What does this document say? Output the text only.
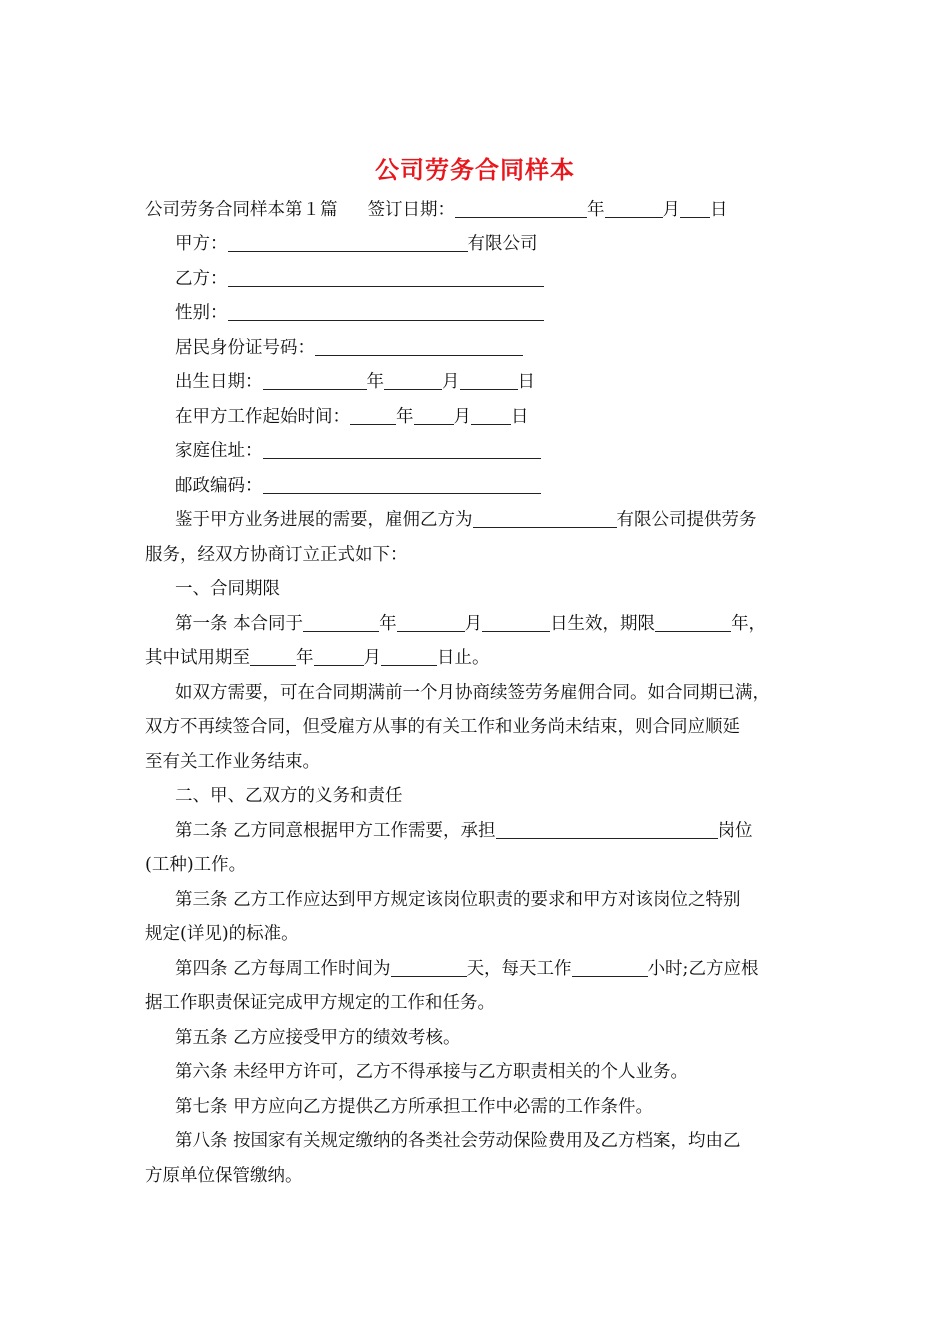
公司劳务合同样本
公司劳务合同样本第１篇 签订日期：	年	月 日
甲方：	有限公司
乙方：
性别：
居民身份证号码：
出生日期：	年	月	日
在甲方工作起始时间：	年 月 日
家庭住址：
邮政编码：
鉴于甲方业务进展的需要，雇佣乙方为	有限公司提供劳务
服务，经双方协商订立正式如下：
一、合同期限
第一条 本合同于	年	月	日生效，期限	年，
其中试用期至	年	月	日止。
如双方需要，可在合同期满前一个月协商续签劳务雇佣合同。如合同期已满，
双方不再续签合同，但受雇方从事的有关工作和业务尚未结束，则合同应顺延
至有关工作业务结束。
二、甲、乙双方的义务和责任
第二条 乙方同意根据甲方工作需要，承担	岗位
(工种)工作。
第三条 乙方工作应达到甲方规定该岗位职责的要求和甲方对该岗位之特别
规定(详见)的标准。
第四条 乙方每周工作时间为	天，每天工作	小时;乙方应根
据工作职责保证完成甲方规定的工作和任务。
第五条 乙方应接受甲方的绩效考核。
第六条 未经甲方许可，乙方不得承接与乙方职责相关的个人业务。
第七条 甲方应向乙方提供乙方所承担工作中必需的工作条件。
第八条 按国家有关规定缴纳的各类社会劳动保险费用及乙方档案，均由乙
方原单位保管缴纳。
